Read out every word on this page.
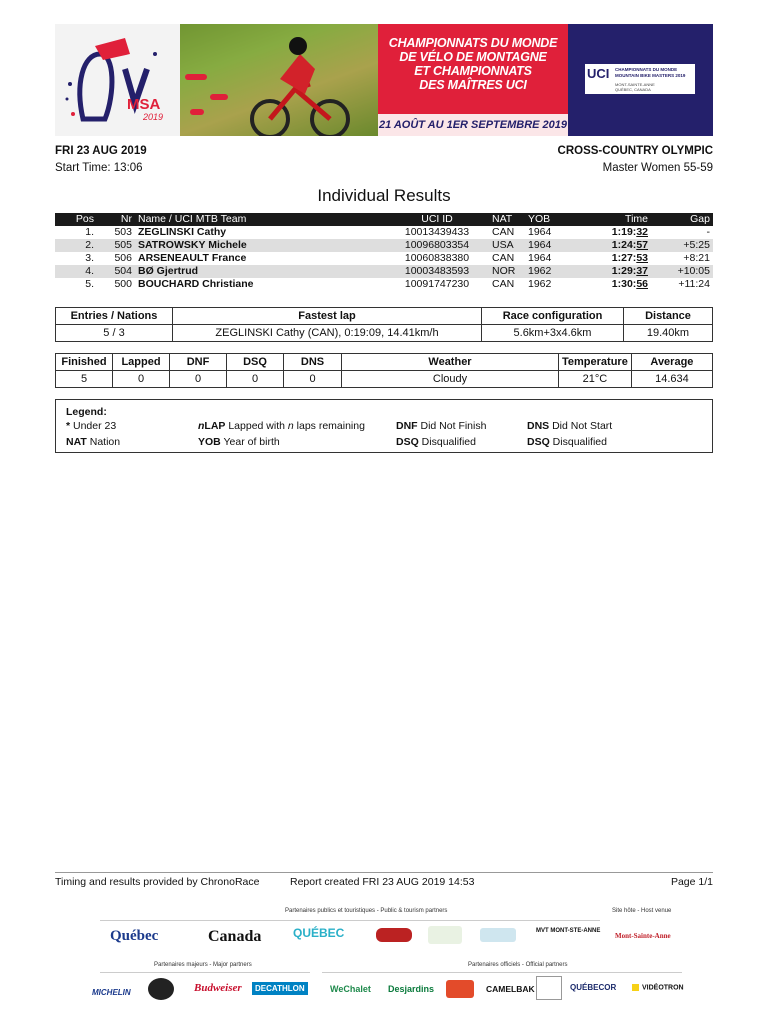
MSA
2019
CHAMPIONNATS DU MONDE
DE VÉLO DE MONTAGNE
ET CHAMPIONNATS
DES MAÎTRES UCI
21 AOÛT AU 1ER SEPTEMBRE 2019
UCI CHAMPIONNATS DU MONDE
MOUNTAIN BIKE MASTERS 2019
MONT-SAINTE-ANNE
QUÉBEC, CANADA
FRI 23 AUG 2019	CROSS-COUNTRY OLYMPIC
Start Time: 13:06	Master Women 55-59
Individual Results
Pos	Nr	Name / UCI MTB Team	UCI ID	NAT	YOB	Time	Gap
1.	503	ZEGLINSKI Cathy	10013439433	CAN	1964	1:19:32	-
2.	505	SATROWSKY Michele	10096803354	USA	1964	1:24:57	+5:25
3.	506	ARSENEAULT France	10060838380	CAN	1964	1:27:53	+8:21
4.	504	BØ Gjertrud	10003483593	NOR	1962	1:29:37	+10:05
5.	500	BOUCHARD Christiane	10091747230	CAN	1962	1:30:56	+11:24
Entries / Nations	Fastest lap	Race configuration	Distance
5 / 3	ZEGLINSKI Cathy (CAN), 0:19:09, 14.41km/h	5.6km+3x4.6km	19.40km
Finished	Lapped	DNF	DSQ	DNS	Weather	Temperature	Average
5	0	0	0	0	Cloudy	21°C	14.634
Legend:
* Under 23
NAT Nation
nLAP Lapped with n laps remaining
YOB Year of birth
DNF Did Not Finish
DSQ Disqualified
DNS Did Not Start
DSQ Disqualified
Timing and results provided by ChronoRace	Report created FRI 23 AUG 2019 14:53	Page 1/1
Partenaires publics et touristiques - Public & tourism partners	Site hôte - Host venue
Québec	Canada	QUÉBEC	MVT MONT-STE-ANNE
Mont-Sainte-Anne
Partenaires majeurs - Major partners	Partenaires officiels - Official partners
MICHELIN	Budweiser	DECATHLON	WeChalet Desjardins	CAMELBAK	QUÉBECOR	VIDÉOTRON
